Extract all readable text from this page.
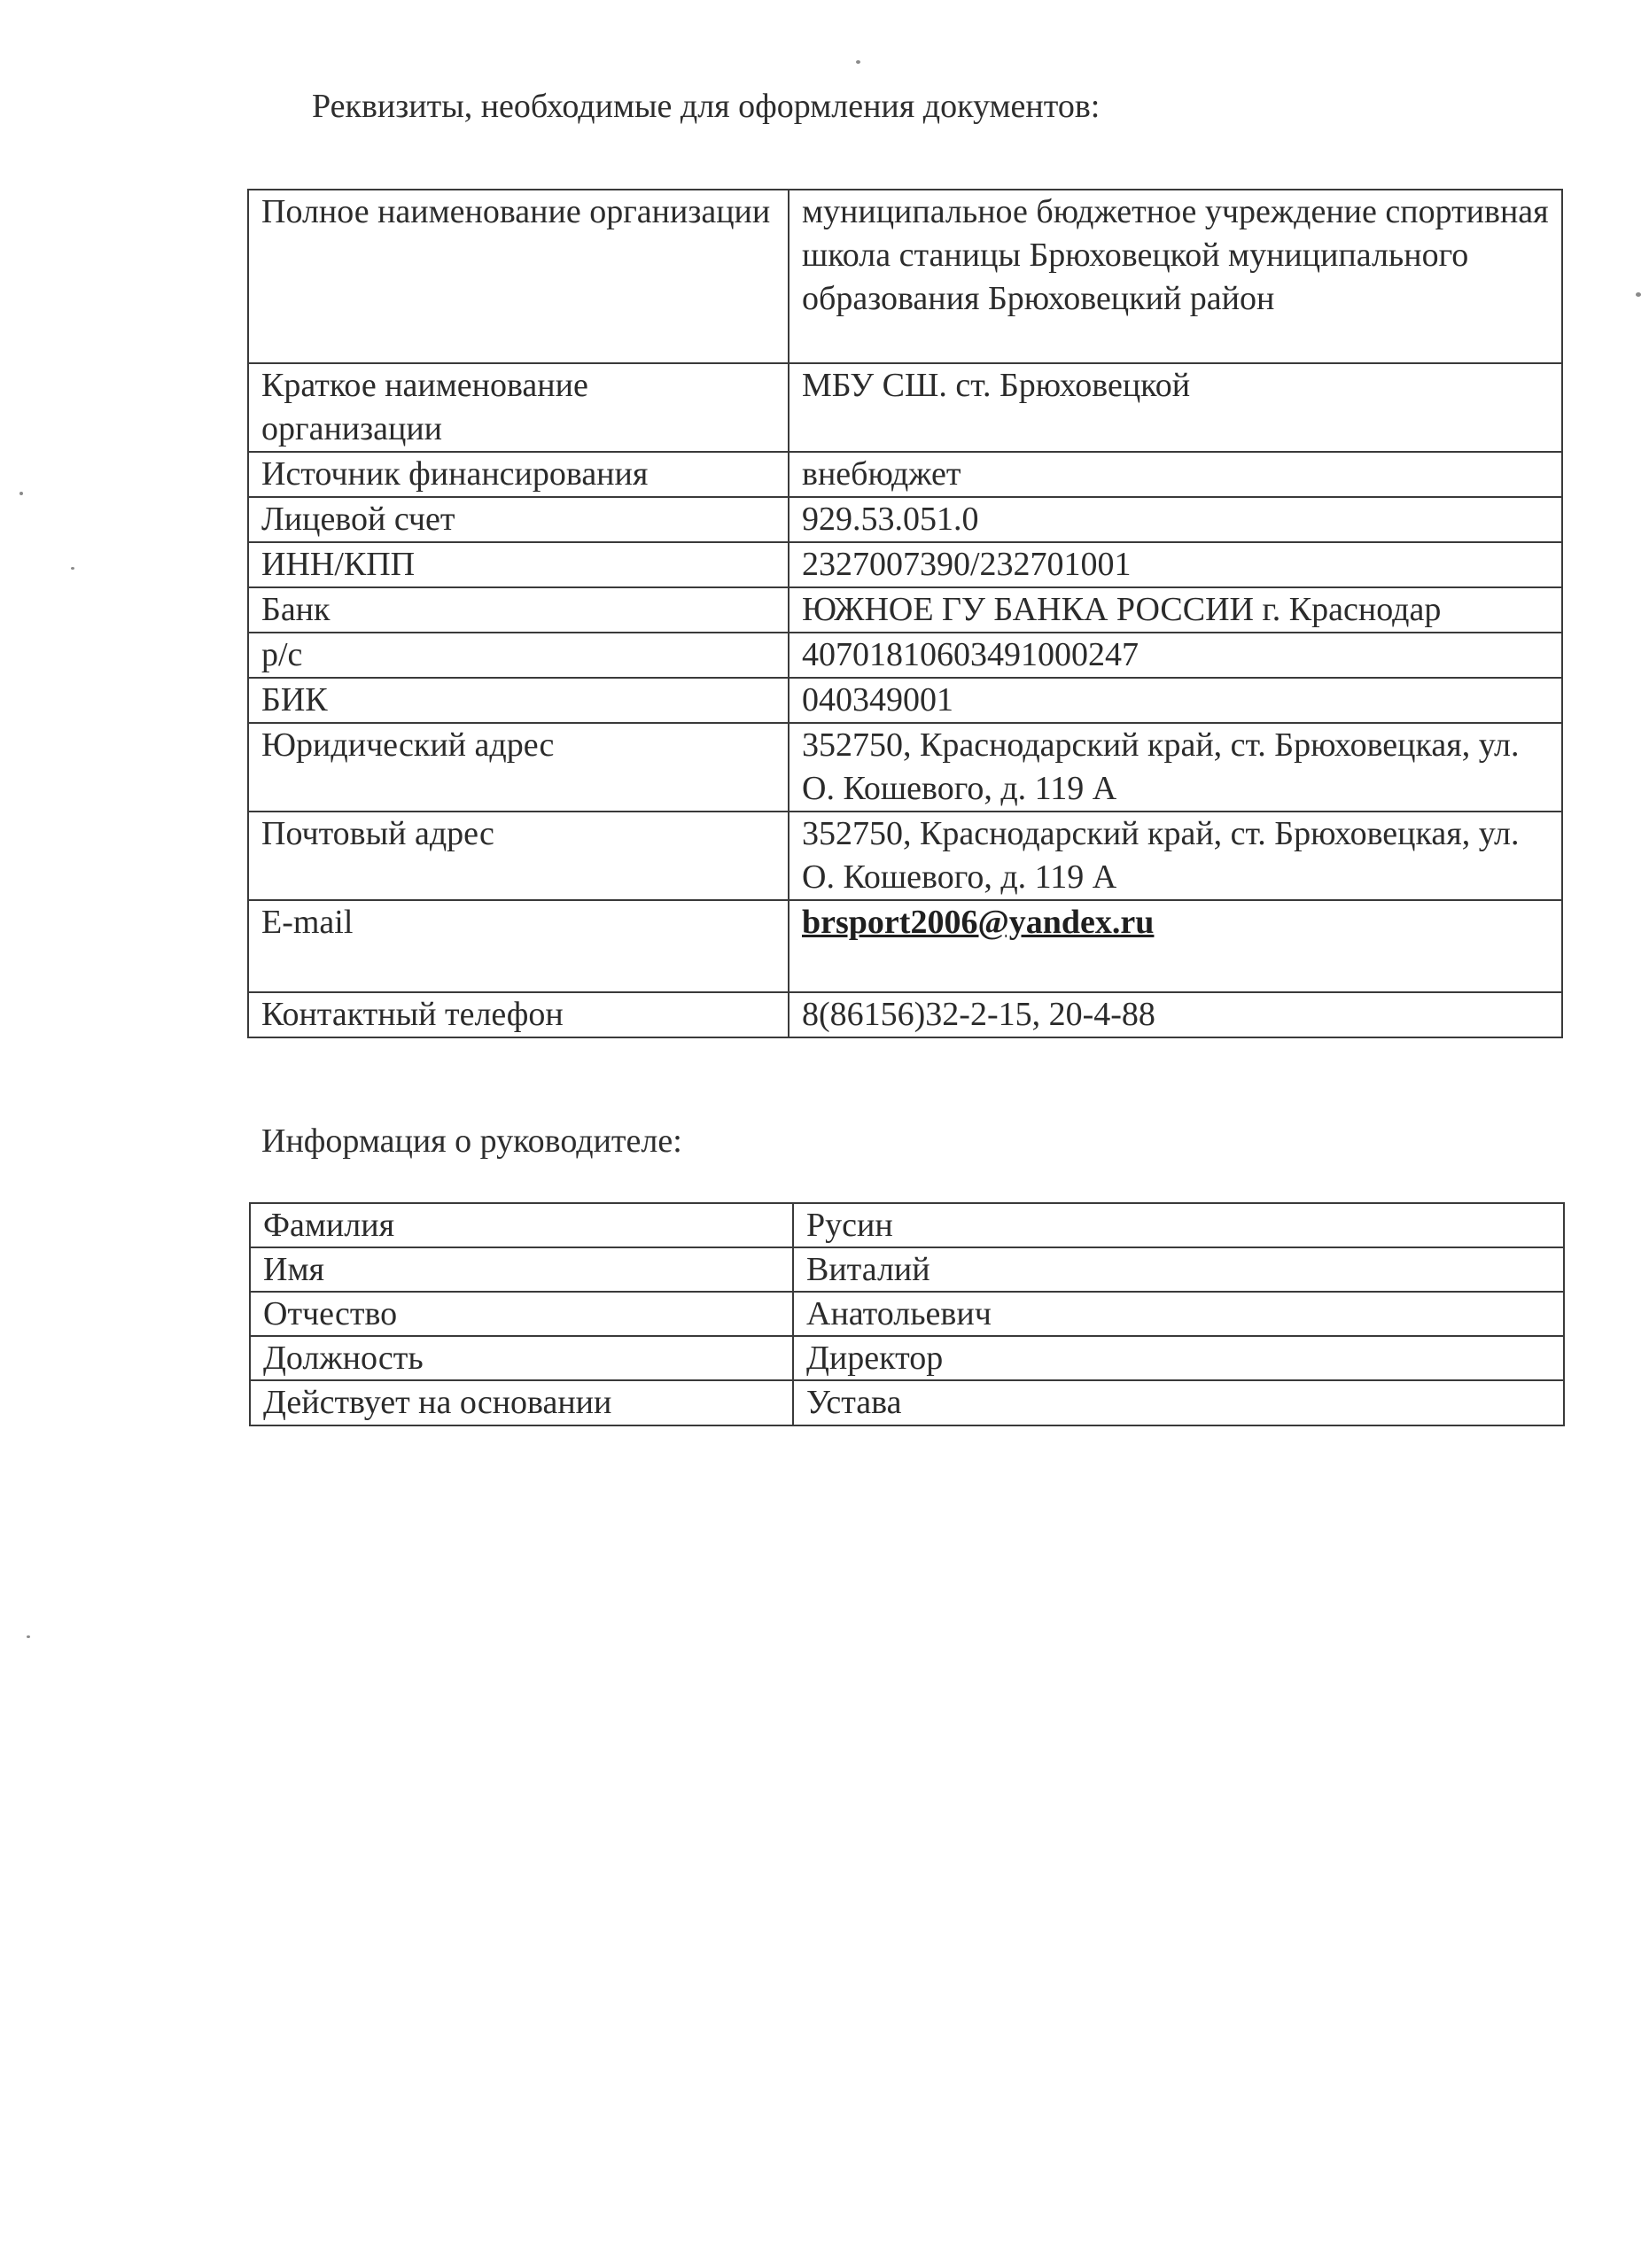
Реквизиты, необходимые для оформления документов:
Полное наименование организации	муниципальное бюджетное учреждение спортивная школа станицы Брюховецкой муниципального образования Брюховецкий район
Краткое наименование организации	МБУ СШ. ст. Брюховецкой
Источник финансирования	внебюджет
Лицевой счет	929.53.051.0
ИНН/КПП	2327007390/232701001
Банк	ЮЖНОЕ ГУ БАНКА РОССИИ г. Краснодар
р/с	40701810603491000247
БИК	040349001
Юридический адрес	352750, Краснодарский край, ст. Брюховецкая, ул. О. Кошевого, д. 119 А
Почтовый адрес	352750, Краснодарский край, ст. Брюховецкая, ул. О. Кошевого, д. 119 А
E-mail	brsport2006@yandex.ru
Контактный телефон	8(86156)32-2-15, 20-4-88
Информация о руководителе:
Фамилия	Русин
Имя	Виталий
Отчество	Анатольевич
Должность	Директор
Действует на основании	Устава
